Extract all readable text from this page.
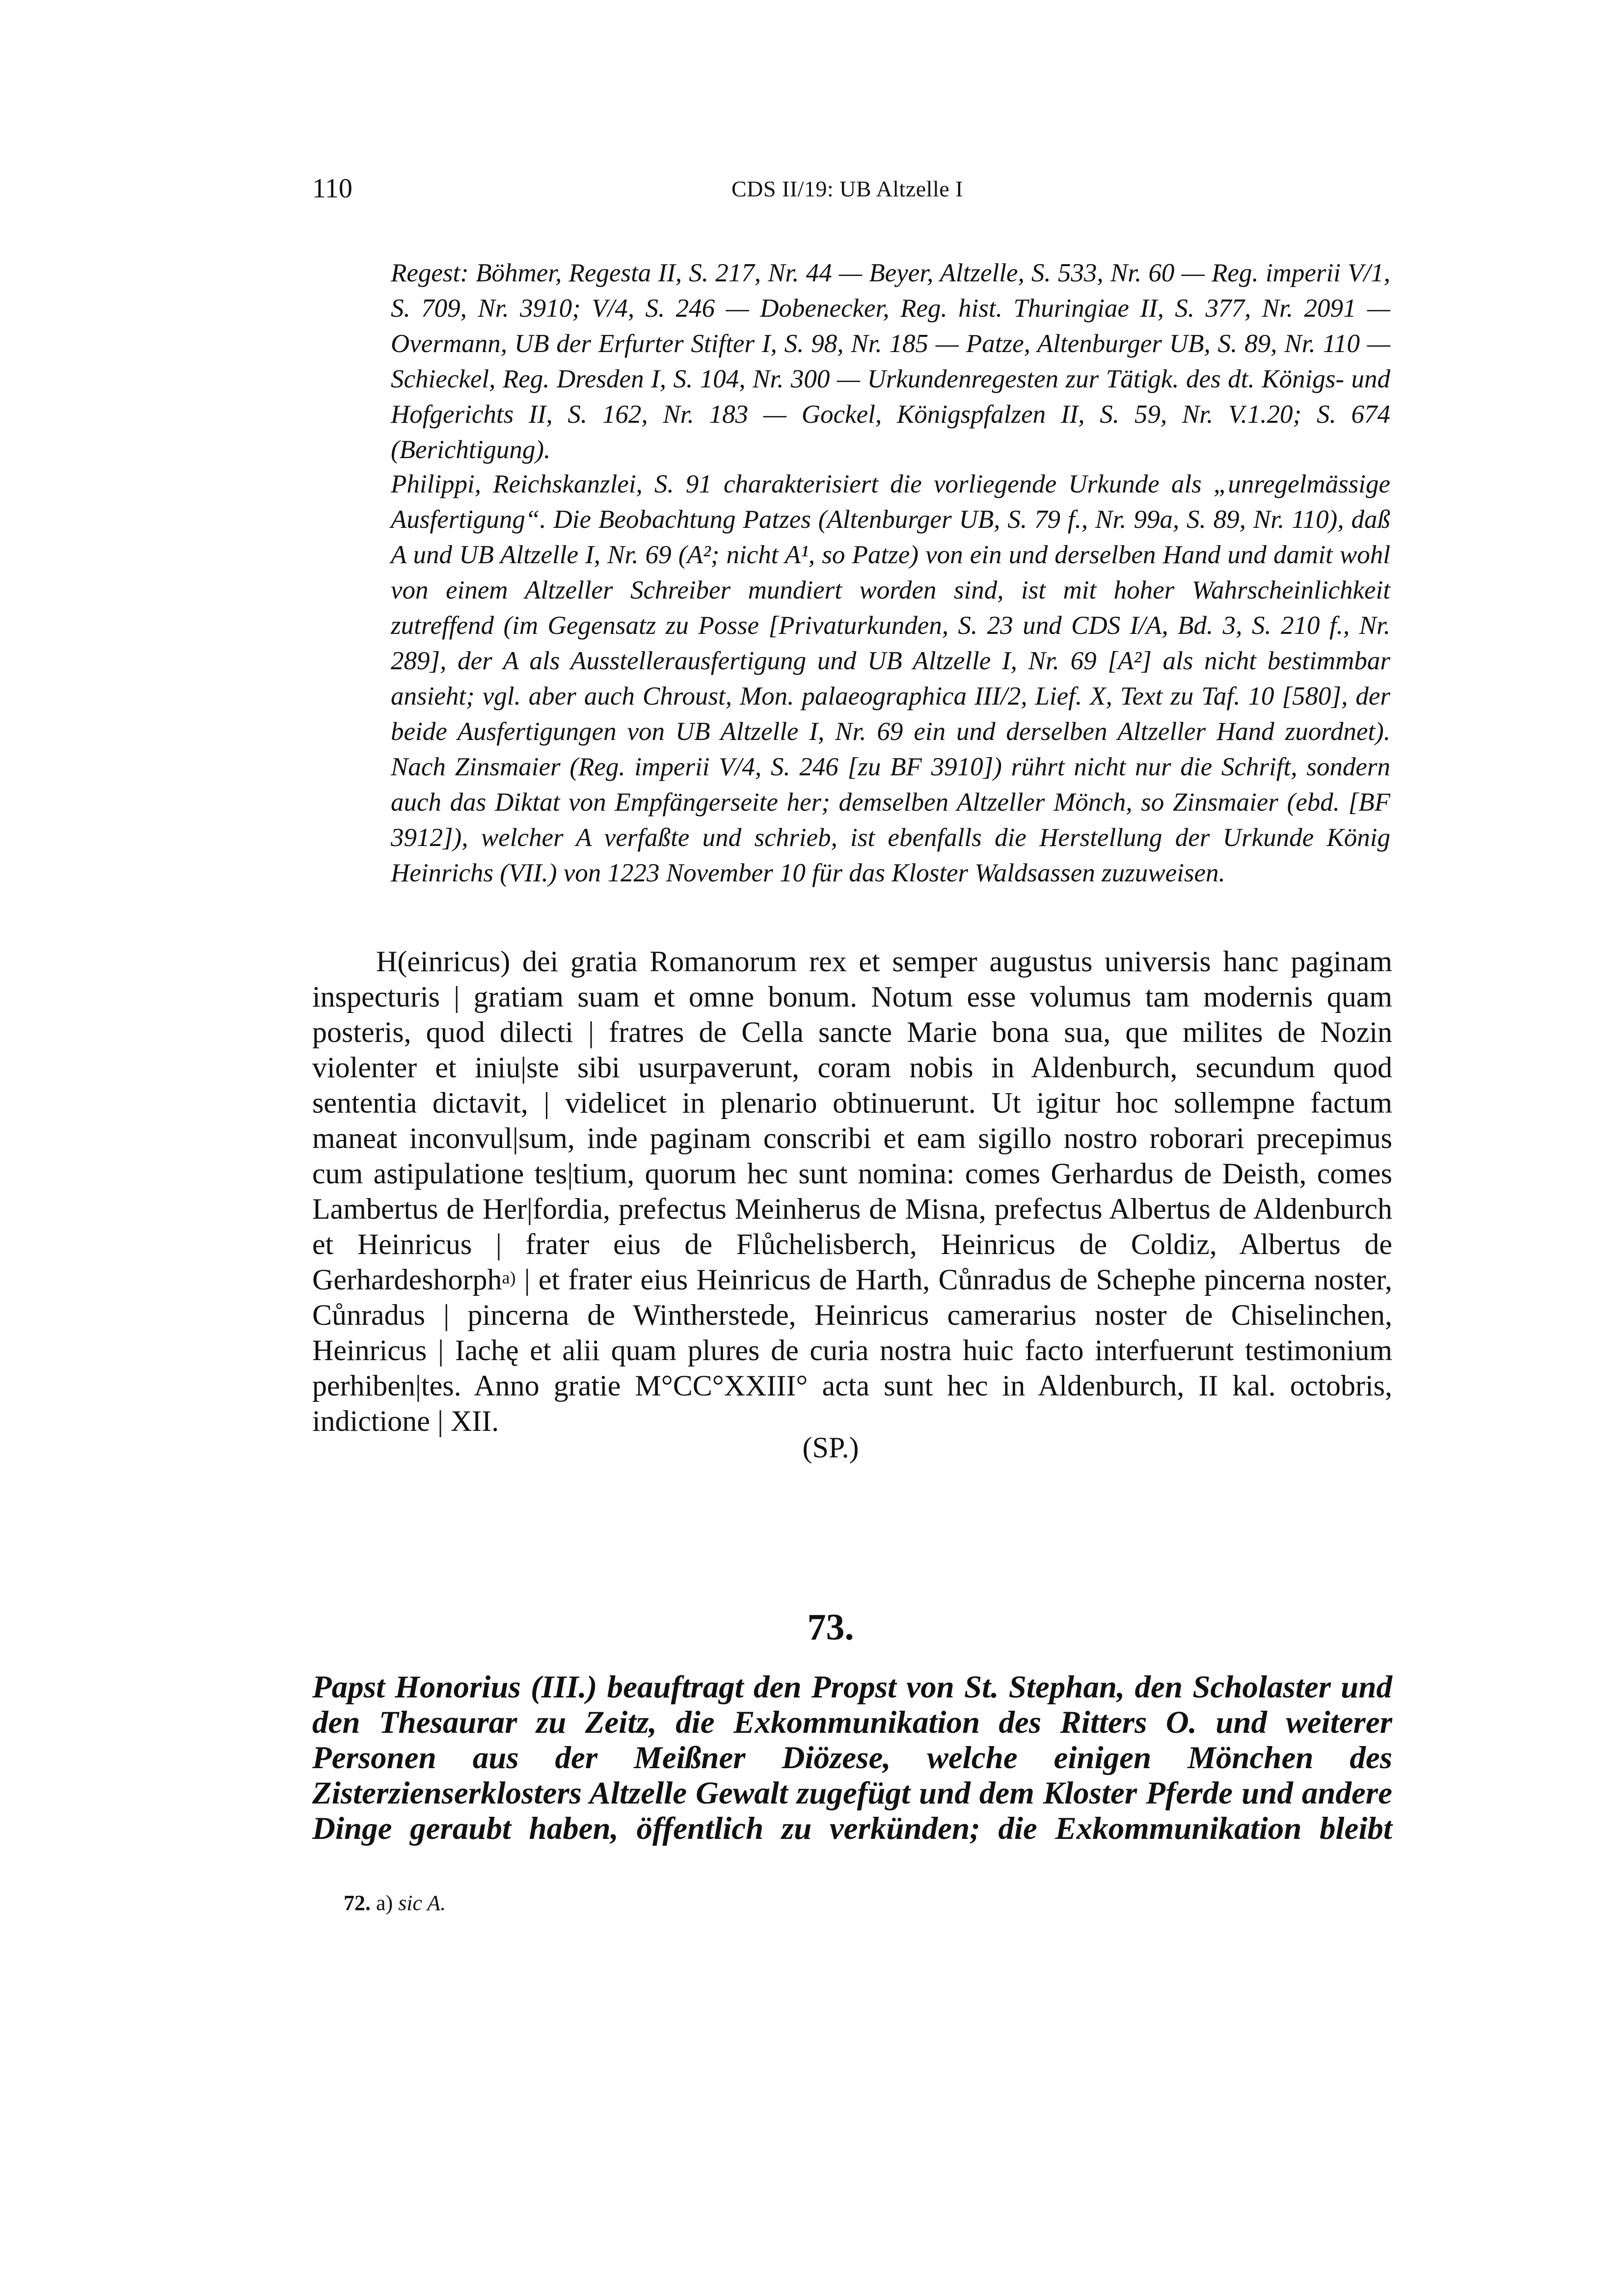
110	CDS II/19: UB Altzelle I
Regest: Böhmer, Regesta II, S. 217, Nr. 44 — Beyer, Altzelle, S. 533, Nr. 60 — Reg. imperii V/1, S. 709, Nr. 3910; V/4, S. 246 — Dobenecker, Reg. hist. Thuringiae II, S. 377, Nr. 2091 — Overmann, UB der Erfurter Stifter I, S. 98, Nr. 185 — Patze, Altenburger UB, S. 89, Nr. 110 — Schieckel, Reg. Dresden I, S. 104, Nr. 300 — Urkundenregesten zur Tätigk. des dt. Königs- und Hofgerichts II, S. 162, Nr. 183 — Gockel, Königspfalzen II, S. 59, Nr. V.1.20; S. 674 (Berichtigung).
Philippi, Reichskanzlei, S. 91 charakterisiert die vorliegende Urkunde als „unregelmässige Ausfertigung“. Die Beobachtung Patzes (Altenburger UB, S. 79 f., Nr. 99a, S. 89, Nr. 110), daß A und UB Altzelle I, Nr. 69 (A²; nicht A¹, so Patze) von ein und derselben Hand und damit wohl von einem Altzeller Schreiber mundiert worden sind, ist mit hoher Wahrscheinlichkeit zutreffend (im Gegensatz zu Posse [Privaturkunden, S. 23 und CDS I/A, Bd. 3, S. 210 f., Nr. 289], der A als Ausstellerausfertigung und UB Altzelle I, Nr. 69 [A²] als nicht bestimmbar ansieht; vgl. aber auch Chroust, Mon. palaeographica III/2, Lief. X, Text zu Taf. 10 [580], der beide Ausfertigungen von UB Altzelle I, Nr. 69 ein und derselben Altzeller Hand zuordnet). Nach Zinsmaier (Reg. imperii V/4, S. 246 [zu BF 3910]) rührt nicht nur die Schrift, sondern auch das Diktat von Empfängerseite her; demselben Altzeller Mönch, so Zinsmaier (ebd. [BF 3912]), welcher A verfaßte und schrieb, ist ebenfalls die Herstellung der Urkunde König Heinrichs (VII.) von 1223 November 10 für das Kloster Waldsassen zuzuweisen.

H(einricus) dei gratia Romanorum rex et semper augustus universis hanc paginam inspecturis | gratiam suam et omne bonum. Notum esse volumus tam modernis quam posteris, quod dilecti | fratres de Cella sancte Marie bona sua, que milites de Nozin violenter et iniu|ste sibi usurpaverunt, coram nobis in Aldenburch, secundum quod sententia dictavit, | videlicet in plenario obtinuerunt. Ut igitur hoc sollempne factum maneat inconvul|sum, inde paginam conscribi et eam sigillo nostro roborari precepimus cum astipulatione tes|tium, quorum hec sunt nomina: comes Gerhardus de Deisth, comes Lambertus de Her|fordia, prefectus Meinherus de Misna, prefectus Albertus de Aldenburch et Heinricus | frater eius de Flůchelisberch, Heinricus de Coldiz, Albertus de Gerhardeshorph$^{a)}$ | et frater eius Heinricus de Harth, Cůnradus de Schephe pincerna noster, Cůnradus | pincerna de Wintherstede, Heinricus camerarius noster de Chiselinchen, Heinricus | Iachę et alii quam plures de curia nostra huic facto interfuerunt testimonium perhiben|tes. Anno gratie M°CC°XXIII° acta sunt hec in Aldenburch, II kal. octobris, indictione | XII.

(SP.)
73.
Papst Honorius (III.) beauftragt den Propst von St. Stephan, den Scholaster und den Thesaurar zu Zeitz, die Exkommunikation des Ritters O. und weiterer Personen aus der Meißner Diözese, welche einigen Mönchen des Zisterzienserklosters Altzelle Gewalt zugefügt und dem Kloster Pferde und andere Dinge geraubt haben, öffentlich zu verkünden; die Exkommunikation bleibt
72. a) sic A.
